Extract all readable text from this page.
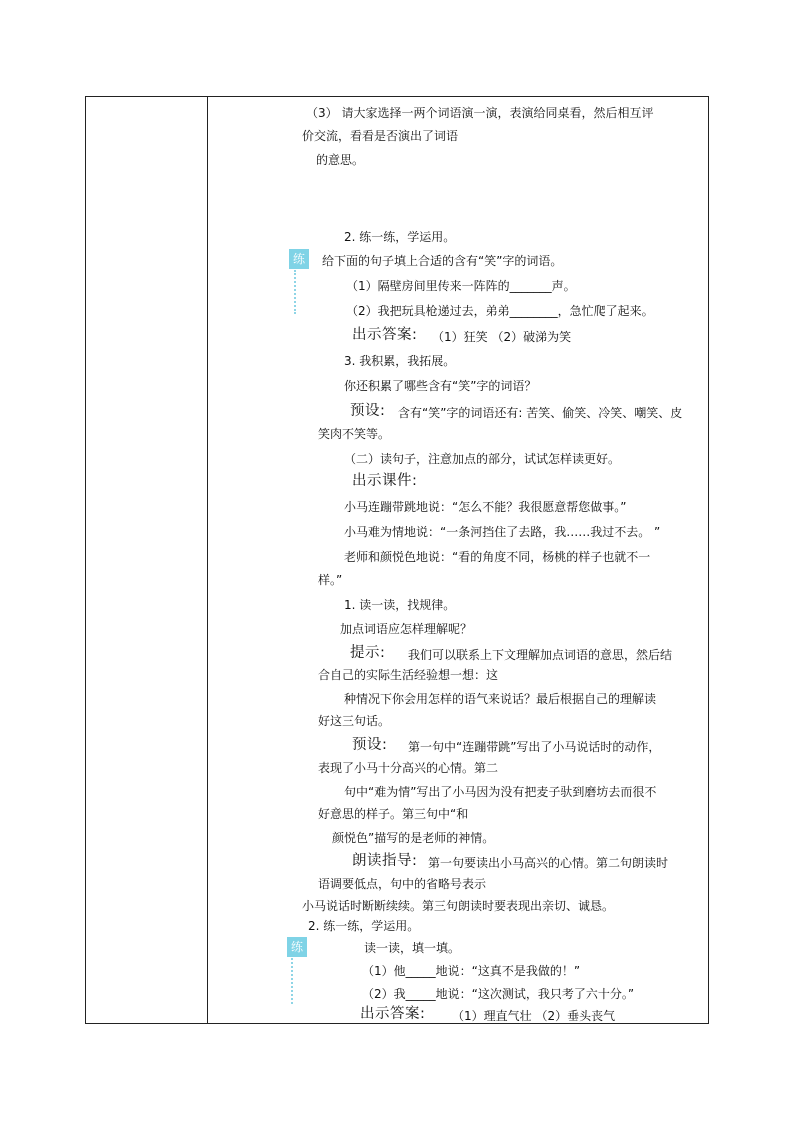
（3） 请大家选择一两个词语演一演，表演给同桌看，然后相互评
价交流，看看是否演出了词语
的意思。
2. 练一练，学运用。
练	给下面的句子填上合适的含有“笑”字的词语。
（1）隔壁房间里传来一阵阵的_______声。
（2）我把玩具枪递过去，弟弟________，急忙爬了起来。
出示答案: （1）狂笑 （2）破涕为笑
3. 我积累，我拓展。
你还积累了哪些含有“笑”字的词语？
预设: 含有“笑”字的词语还有: 苦笑、偷笑、冷笑、嘲笑、皮
笑肉不笑等。
（二）读句子，注意加点的部分，试试怎样读更好。
出示课件:
小马连蹦带跳地说：“怎么不能？我很愿意帮您做事。”
小马难为情地说：“一条河挡住了去路，我……我过不去。 ”
老师和颜悦色地说：“看的角度不同，杨桃的样子也就不一
样。”
1. 读一读，找规律。
加点词语应怎样理解呢？
提示: 我们可以联系上下文理解加点词语的意思，然后结
合自己的实际生活经验想一想：这
种情况下你会用怎样的语气来说话？最后根据自己的理解读
好这三句话。
预设: 第一句中“连蹦带跳”写出了小马说话时的动作，
表现了小马十分高兴的心情。第二
句中“难为情”写出了小马因为没有把麦子驮到磨坊去而很不
好意思的样子。第三句中“和
颜悦色”描写的是老师的神情。
朗读指导: 第一句要读出小马高兴的心情。第二句朗读时
语调要低点，句中的省略号表示
小马说话时断断续续。第三句朗读时要表现出亲切、诚恳。
2. 练一练，学运用。
练	读一读，填一填。
（1）他_____地说：“这真不是我做的！”
（2）我_____地说：“这次测试，我只考了六十分。”
出示答案: （1）理直气壮 （2）垂头丧气
